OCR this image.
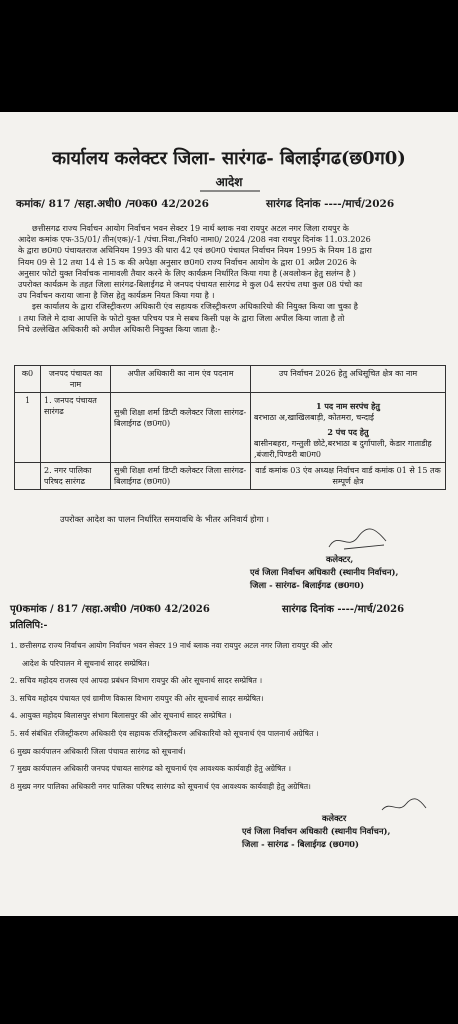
कार्यालय कलेक्टर जिला- सारंगढ- बिलाईगढ(छ0ग0)
आदेश
कमांक/ 817 /सहा.अधी0 /न0क0 42/2026	सारंगढ दिनांक ----/मार्च/2026
छत्तीसगढ राज्य निर्वाचन आयोग निर्वाचन भवन सेक्टर 19 नार्थ ब्लाक नवा रायपुर अटल नगर जिला रायपुर के
आदेश कमांक एफ-35/01/ तीन(एक)/-1 /पंचा.निवा./निर्वा0 नामा0/ 2024 /208 नवा रायपुर दिनांक 11.03.2026
के द्वारा छ0ग0 पंचायतराज अधिनियम 1993 की धारा 42 एवं छ0ग0 पंचायत निर्वाचन नियम 1995 के नियम 18 द्वारा
नियम 09 से 12 तथा 14 से 15 क की अपेक्षा अनुसार छ0ग0 राज्य निर्वाचन आयोग के द्वारा 01 अप्रैल 2026 के
अनुसार फोटो युक्त निर्वाचक नामावली तैयार करने के लिए कार्यक्रम निर्धारित किया गया है (अवलोकन हेतु सलंग्न है )
उपरोक्त कार्यक्रम के तहत जिला सारंगढ-बिलाईगढ मे जनपद पंचायत सारंगढ मे कुल 04 सरपंच तथा कुल 08 पंचो का
उप निर्वाचन कराया जाना है जिस हेतु कार्यक्रम नियत किया गया है ।
इस कार्यालय के द्वारा रजिस्ट्रीकरण अधिकारी एंव सहायक रजिस्ट्रीकरण अधिकारियो की नियुक्त किया जा चुका है
। तथा जिले मे दावा आपत्ति के फोटो युक्त परिचय पत्र मे सबध किसी पक्ष के द्वारा जिला अपील किया जाता है तो
निचे उल्लेखित अधिकारी को अपील अधिकारी नियुक्त किया जाता है:-
क0	जनपद पंचायत का नाम	अपील अधिकारी का नाम एंव पदनाम	उप निर्वाचन 2026 हेतु अधिसूचित क्षेत्र का नाम
1	1. जनपद पंचायत सारंगढ	सुश्री शिक्षा शर्मा डिप्टी कलेक्टर जिला सारंगढ- बिलाईगढ (छ0ग0)	1 पद नाम सरपंच हेतु
बरभाठा अ,खाखिलबाड़ी, कोतमरा, चन्दाई
2 पंच पद हेतु
बासीनबहरा, गन्तुली छोटे,बरभाठा ब दुर्गापाली, केडार गाताडीह ,बंजारी,पिण्डरी बा0ग0

	2. नगर पालिका परिषद सारंगढ	सुश्री शिक्षा शर्मा डिप्टी कलेक्टर जिला सारंगढ- बिलाईगढ (छ0ग0)	वार्ड कमांक 03 एंव अध्यक्ष निर्वाचन वार्ड कमांक 01 से 15 तक सम्पूर्ण क्षेत्र
उपरोक्त आदेश का पालन निर्धारित समयावधि के भीतर अनिवार्य होगा ।
कलेक्टर,
एवं जिला निर्वाचन अधिकारी (स्थानीय निर्वाचन),
जिला - सारंगढ- बिलाईगढ (छ0ग0)
पृ0कमांक / 817 /सहा.अधी0 /न0क0 42/2026	सारंगढ दिनांक ----/मार्च/2026
प्रतिलिपि:-
1. छत्तीसगढ राज्य निर्वाचन आयोग निर्वाचन भवन सेक्टर 19 नार्थ ब्लाक नवा रायपुर अटल नगर जिला रायपुर की ओर
आदेश के परिपालन मे सूचनार्थ सादर सम्प्रेषित।
2. सचिव महोदय राजस्व एवं आपदा प्रबंधन विभाग रायपुर की ओर सूचनार्थ सादर सम्प्रेषित ।
3. सचिव महोदय पंचायत एवं ग्रामीण विकास विभाग रायपुर की ओर सूचनार्थ सादर सम्प्रेषित।
4. आयुक्त महोदय बिलासपुर संभाग बिलासपुर की ओर सूचनार्थ सादर सम्प्रेषित ।
5. सर्व संबंधित रजिस्ट्रीकरण अधिकारी एंव सहायक रजिस्ट्रीकरण अधिकारियो को सूचनार्थ एंव पालनार्थ अग्रेषित ।
6 मुख्य कार्यपालन अधिकारी जिला पंचायत सारंगढ को सूचनार्थ।
7 मुख्य कार्यपालन अधिकारी जनपद पंचायत सारंगढ को सूचनार्थ एंव आवश्यक कार्यवाही हेतु अग्रेषित ।
8 मुख्य नगर पालिका अधिकारी नगर पालिका परिषद सारंगढ को सूचनार्थ एंव आवश्यक कार्यवाही हेतु अग्रेषित।
कलेक्टर
एवं जिला निर्वाचन अधिकारी (स्थानीय निर्वाचन),
जिला - सारंगढ - बिलाईगढ (छ0ग0)
